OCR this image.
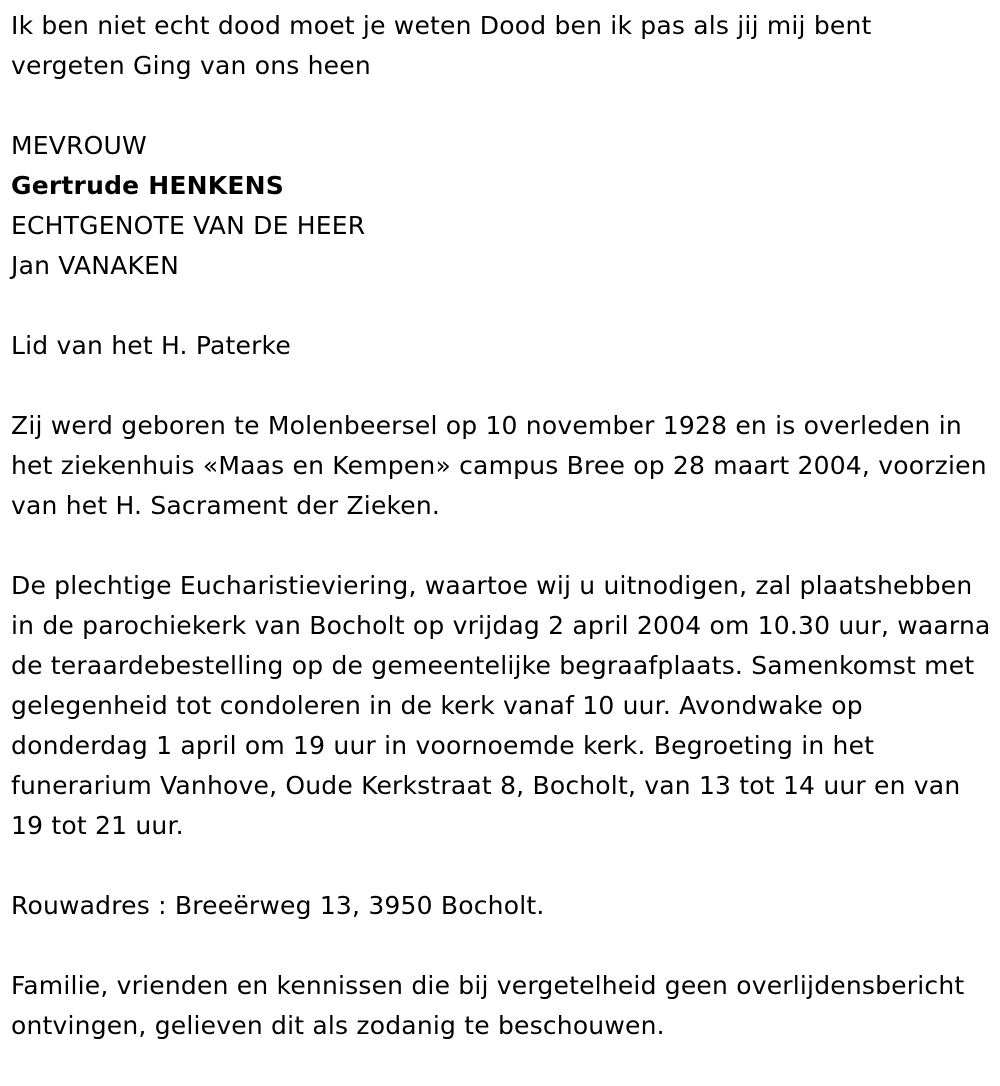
Ik ben niet echt dood moet je weten Dood ben ik pas als jij mij bent vergeten Ging van ons heen

MEVROUW

Gertrude HENKENS

ECHTGENOTE VAN DE HEER

Jan VANAKEN

Lid van het H. Paterke

Zij werd geboren te Molenbeersel op 10 november 1928 en is overleden in het ziekenhuis «Maas en Kempen» campus Bree op 28 maart 2004, voorzien van het H. Sacrament der Zieken.

De plechtige Eucharistieviering, waartoe wij u uitnodigen, zal plaatshebben in de parochiekerk van Bocholt op vrijdag 2 april 2004 om 10.30 uur, waarna de teraardebestelling op de gemeentelijke begraafplaats. Samenkomst met gelegenheid tot condoleren in de kerk vanaf 10 uur. Avondwake op donderdag 1 april om 19 uur in voornoemde kerk. Begroeting in het funerarium Vanhove, Oude Kerkstraat 8, Bocholt, van 13 tot 14 uur en van 19 tot 21 uur.

Rouwadres : Breeërweg 13, 3950 Bocholt.

Familie, vrienden en kennissen die bij vergetelheid geen overlijdensbericht ontvingen, gelieven dit als zodanig te beschouwen.
